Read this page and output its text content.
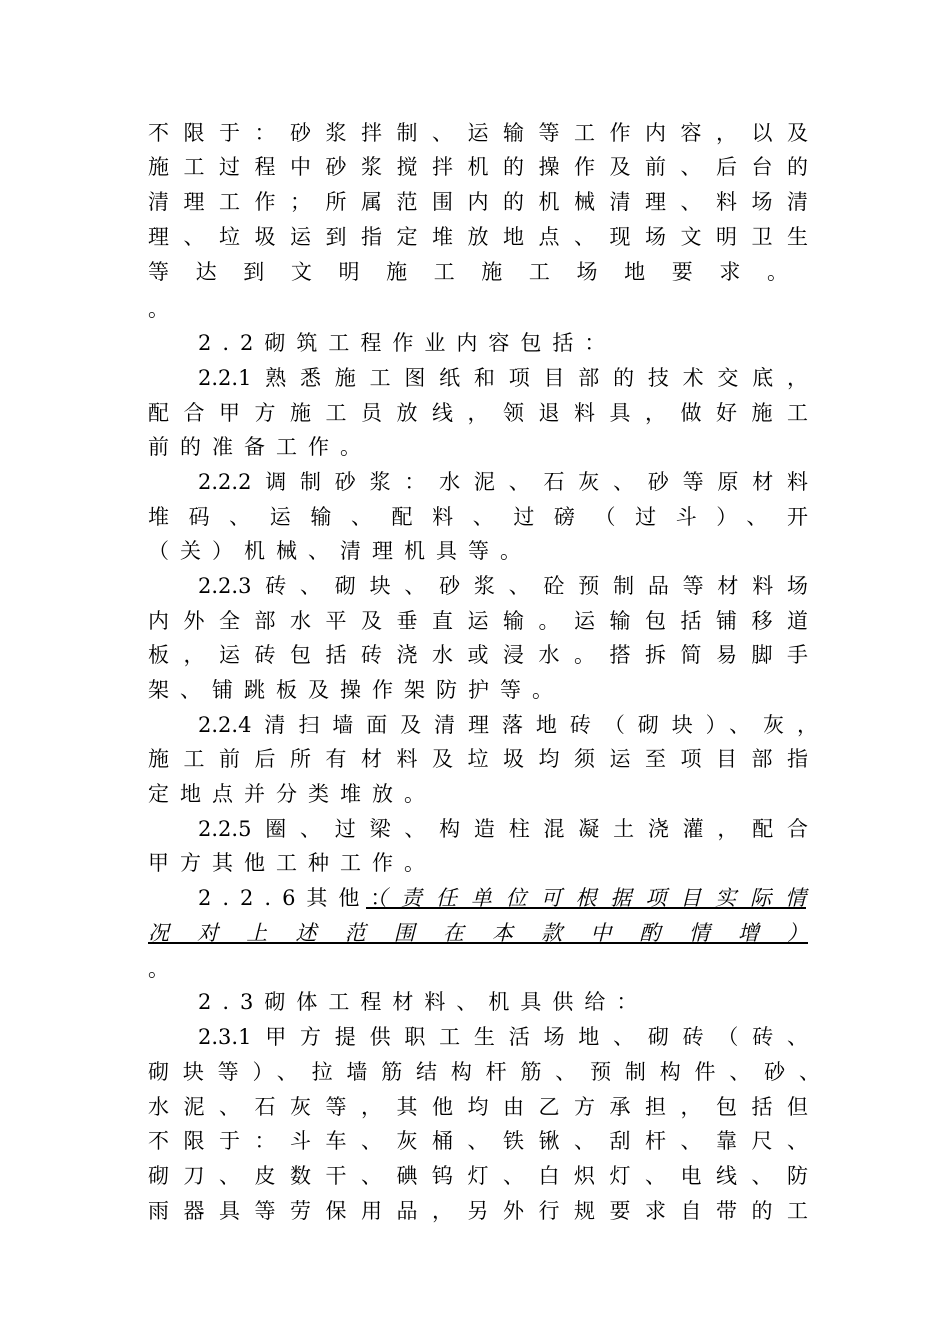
不限于：砂浆拌制、运输等工作内容，以及
施工过程中砂浆搅拌机的操作及前、后台的
清理工作；所属范围内的机械清理、料场清
理、垃圾运到指定堆放地点、现场文明卫生
等达到文明施工施工场地要求。
。
2.2砌筑工程作业内容包括：
2.2.1熟悉施工图纸和项目部的技术交底，
配合甲方施工员放线，领退料具，做好施工
前的准备工作。
2.2.2调制砂浆：水泥、石灰、砂等原材料
堆码、运输、配料、过磅（过斗）、开
（关）机械、清理机具等。
2.2.3砖、砌块、砂浆、砼预制品等材料场
内外全部水平及垂直运输。运输包括铺移道
板，运砖包括砖浇水或浸水。搭拆简易脚手
架、铺跳板及操作架防护等。
2.2.4清扫墙面及清理落地砖（砌块）、灰，
施工前后所有材料及垃圾均须运至项目部指
定地点并分类堆放。
2.2.5圈、过梁、构造柱混凝土浇灌，配合
甲方其他工种工作。
2.2.6其他：
（责任单位可根据项目实际情
况对上述范围在本款中酌情增）
。
2.3砌体工程材料、机具供给：
2.3.1甲方提供职工生活场地、砌砖（砖、
砌块等）、拉墙筋结构杆筋、预制构件、砂、
水泥、石灰等，其他均由乙方承担，包括但
不限于：斗车、灰桶、铁锹、刮杆、靠尺、
砌刀、皮数干、碘钨灯、白炽灯、电线、防
雨器具等劳保用品，另外行规要求自带的工
